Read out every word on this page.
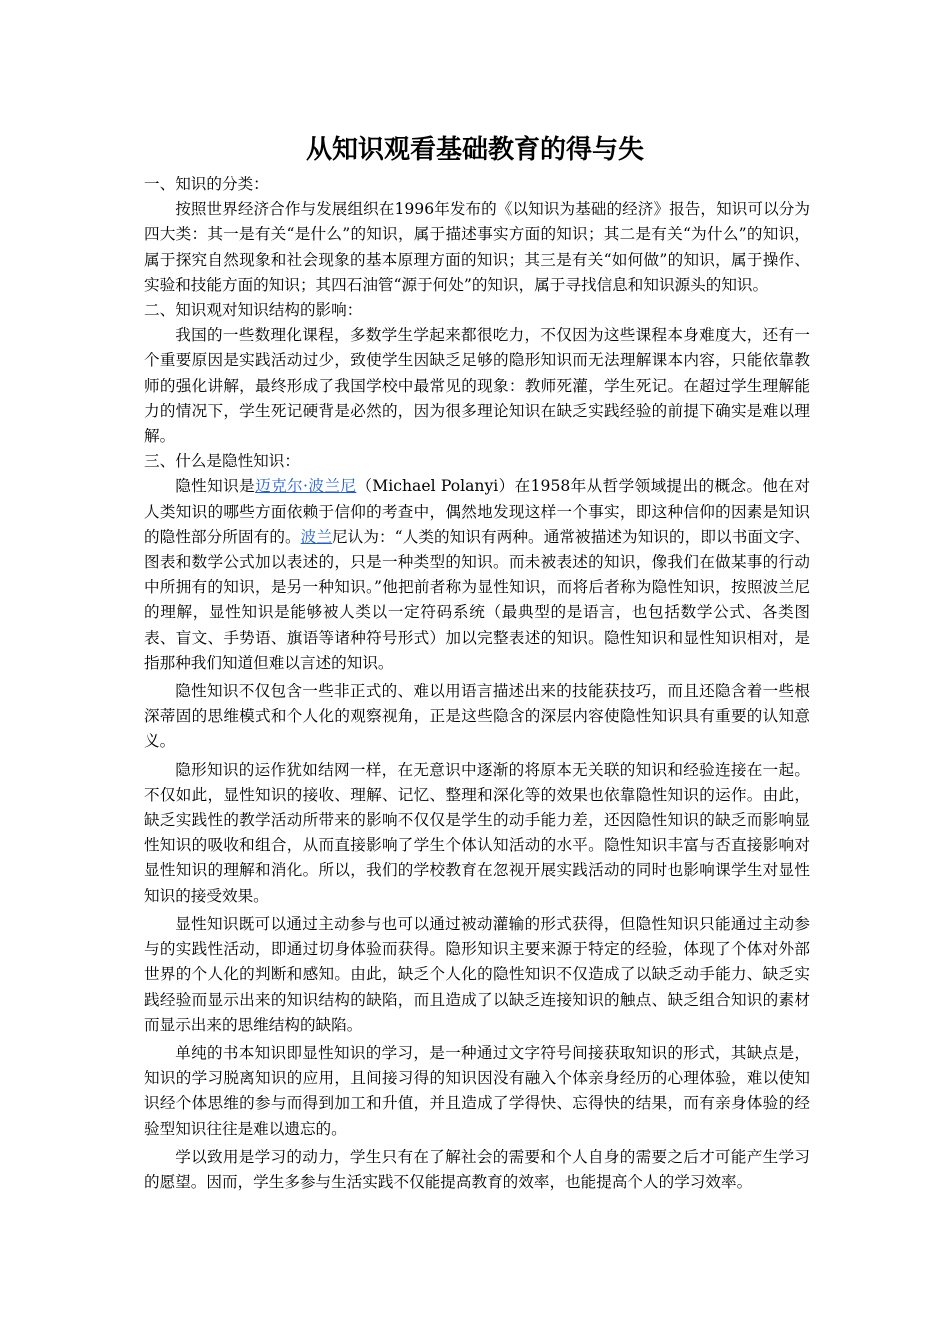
从知识观看基础教育的得与失

一、知识的分类：

按照世界经济合作与发展组织在1996年发布的《以知识为基础的经济》报告，知识可以分为四大类：其一是有关“是什么”的知识，属于描述事实方面的知识；其二是有关“为什么”的知识，属于探究自然现象和社会现象的基本原理方面的知识；其三是有关“如何做”的知识，属于操作、实验和技能方面的知识；其四石油管“源于何处”的知识，属于寻找信息和知识源头的知识。

二、知识观对知识结构的影响：

我国的一些数理化课程，多数学生学起来都很吃力，不仅因为这些课程本身难度大，还有一个重要原因是实践活动过少，致使学生因缺乏足够的隐形知识而无法理解课本内容，只能依靠教师的强化讲解，最终形成了我国学校中最常见的现象：教师死灌，学生死记。在超过学生理解能力的情况下，学生死记硬背是必然的，因为很多理论知识在缺乏实践经验的前提下确实是难以理解。

三、什么是隐性知识：

隐性知识是迈克尔·波兰尼（Michael Polanyi）在1958年从哲学领域提出的概念。他在对人类知识的哪些方面依赖于信仰的考查中，偶然地发现这样一个事实，即这种信仰的因素是知识的隐性部分所固有的。波兰尼认为：“人类的知识有两种。通常被描述为知识的，即以书面文字、图表和数学公式加以表述的，只是一种类型的知识。而未被表述的知识，像我们在做某事的行动中所拥有的知识，是另一种知识。”他把前者称为显性知识，而将后者称为隐性知识，按照波兰尼的理解，显性知识是能够被人类以一定符码系统（最典型的是语言，也包括数学公式、各类图表、盲文、手势语、旗语等诸种符号形式）加以完整表述的知识。隐性知识和显性知识相对，是指那种我们知道但难以言述的知识。

隐性知识不仅包含一些非正式的、难以用语言描述出来的技能获技巧，而且还隐含着一些根深蒂固的思维模式和个人化的观察视角，正是这些隐含的深层内容使隐性知识具有重要的认知意义。

隐形知识的运作犹如结网一样，在无意识中逐渐的将原本无关联的知识和经验连接在一起。不仅如此，显性知识的接收、理解、记忆、整理和深化等的效果也依靠隐性知识的运作。由此，缺乏实践性的教学活动所带来的影响不仅仅是学生的动手能力差，还因隐性知识的缺乏而影响显性知识的吸收和组合，从而直接影响了学生个体认知活动的水平。隐性知识丰富与否直接影响对显性知识的理解和消化。所以，我们的学校教育在忽视开展实践活动的同时也影响课学生对显性知识的接受效果。

显性知识既可以通过主动参与也可以通过被动灌输的形式获得，但隐性知识只能通过主动参与的实践性活动，即通过切身体验而获得。隐形知识主要来源于特定的经验，体现了个体对外部世界的个人化的判断和感知。由此，缺乏个人化的隐性知识不仅造成了以缺乏动手能力、缺乏实践经验而显示出来的知识结构的缺陷，而且造成了以缺乏连接知识的触点、缺乏组合知识的素材而显示出来的思维结构的缺陷。

单纯的书本知识即显性知识的学习，是一种通过文字符号间接获取知识的形式，其缺点是，知识的学习脱离知识的应用，且间接习得的知识因没有融入个体亲身经历的心理体验，难以使知识经个体思维的参与而得到加工和升值，并且造成了学得快、忘得快的结果，而有亲身体验的经验型知识往往是难以遗忘的。

学以致用是学习的动力，学生只有在了解社会的需要和个人自身的需要之后才可能产生学习的愿望。因而，学生多参与生活实践不仅能提高教育的效率，也能提高个人的学习效率。
